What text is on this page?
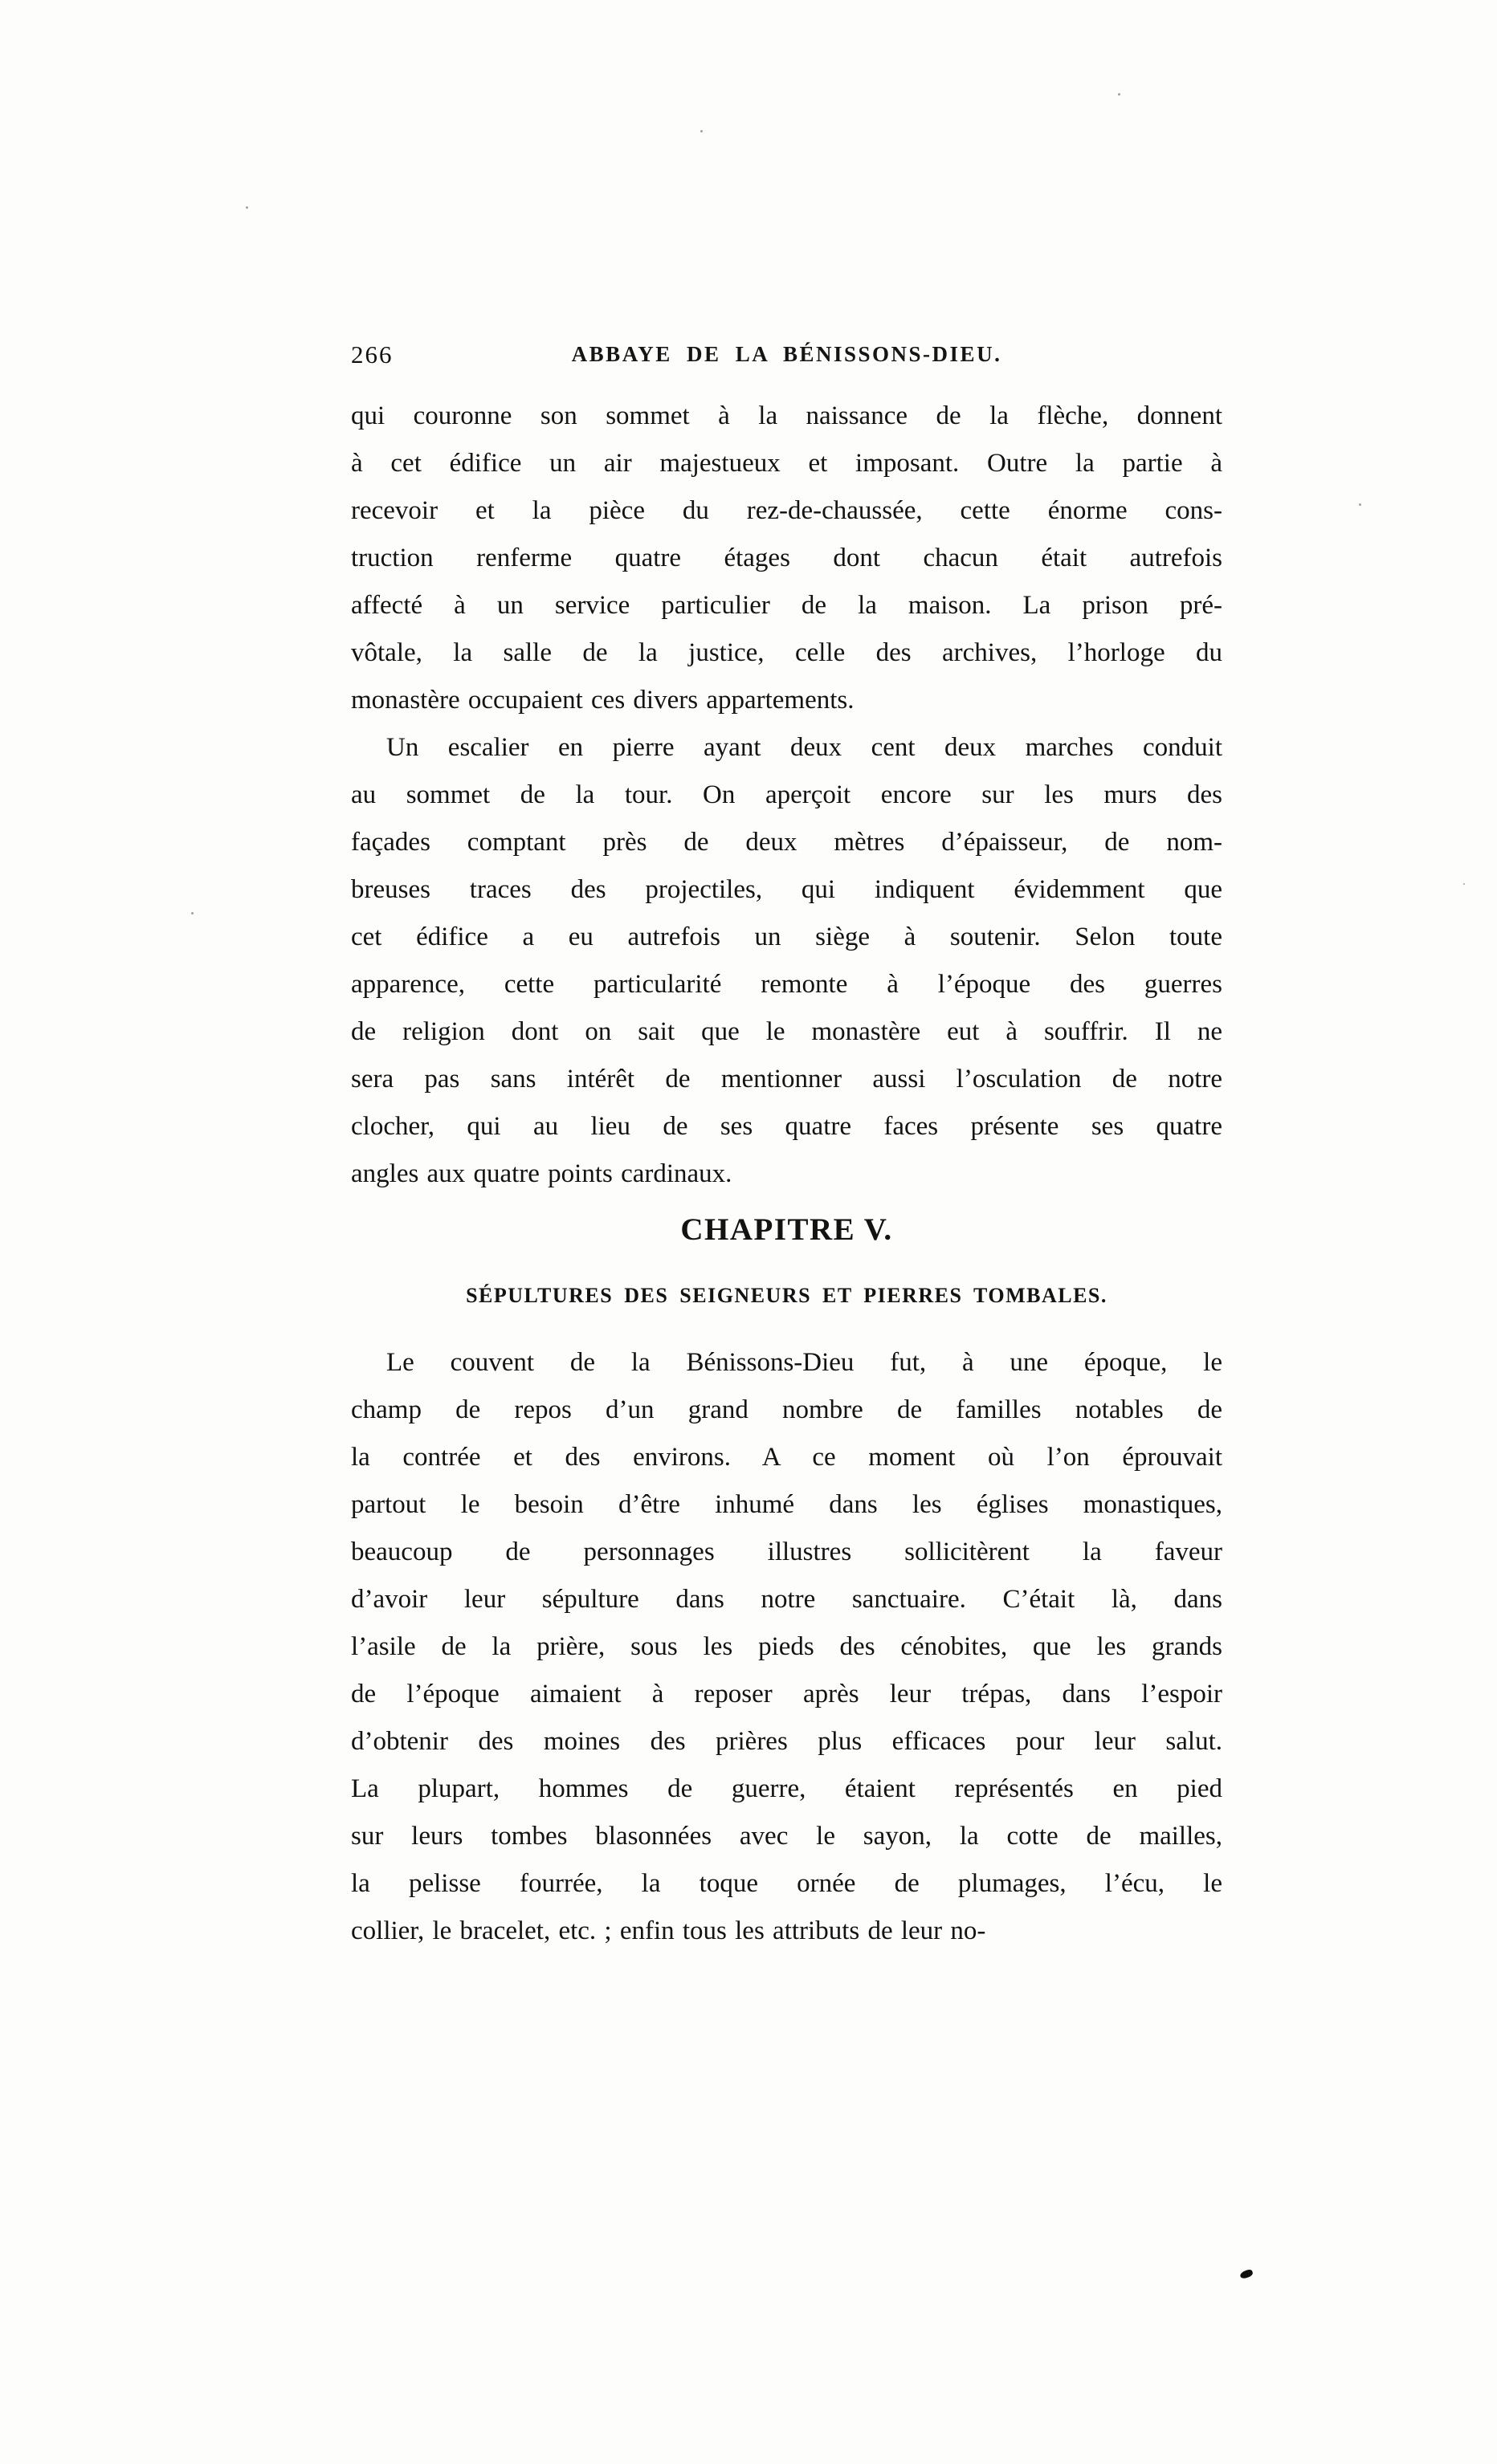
266	ABBAYE DE LA BÉNISSONS-DIEU.
qui couronne son sommet à la naissance de la flèche, donnent
à cet édifice un air majestueux et imposant. Outre la partie à
recevoir et la pièce du rez-de-chaussée, cette énorme cons-
truction renferme quatre étages dont chacun était autrefois
affecté à un service particulier de la maison. La prison pré-
vôtale, la salle de la justice, celle des archives, l’horloge du
monastère occupaient ces divers appartements.
Un escalier en pierre ayant deux cent deux marches conduit
au sommet de la tour. On aperçoit encore sur les murs des
façades comptant près de deux mètres d’épaisseur, de nom-
breuses traces des projectiles, qui indiquent évidemment que
cet édifice a eu autrefois un siège à soutenir. Selon toute
apparence, cette particularité remonte à l’époque des guerres
de religion dont on sait que le monastère eut à souffrir. Il ne
sera pas sans intérêt de mentionner aussi l’osculation de notre
clocher, qui au lieu de ses quatre faces présente ses quatre
angles aux quatre points cardinaux.
CHAPITRE V.
SÉPULTURES DES SEIGNEURS ET PIERRES TOMBALES.
Le couvent de la Bénissons-Dieu fut, à une époque, le
champ de repos d’un grand nombre de familles notables de
la contrée et des environs. A ce moment où l’on éprouvait
partout le besoin d’être inhumé dans les églises monastiques,
beaucoup de personnages illustres sollicitèrent la faveur
d’avoir leur sépulture dans notre sanctuaire. C’était là, dans
l’asile de la prière, sous les pieds des cénobites, que les grands
de l’époque aimaient à reposer après leur trépas, dans l’espoir
d’obtenir des moines des prières plus efficaces pour leur salut.
La plupart, hommes de guerre, étaient représentés en pied
sur leurs tombes blasonnées avec le sayon, la cotte de mailles,
la pelisse fourrée, la toque ornée de plumages, l’écu, le
collier, le bracelet, etc. ; enfin tous les attributs de leur no-
